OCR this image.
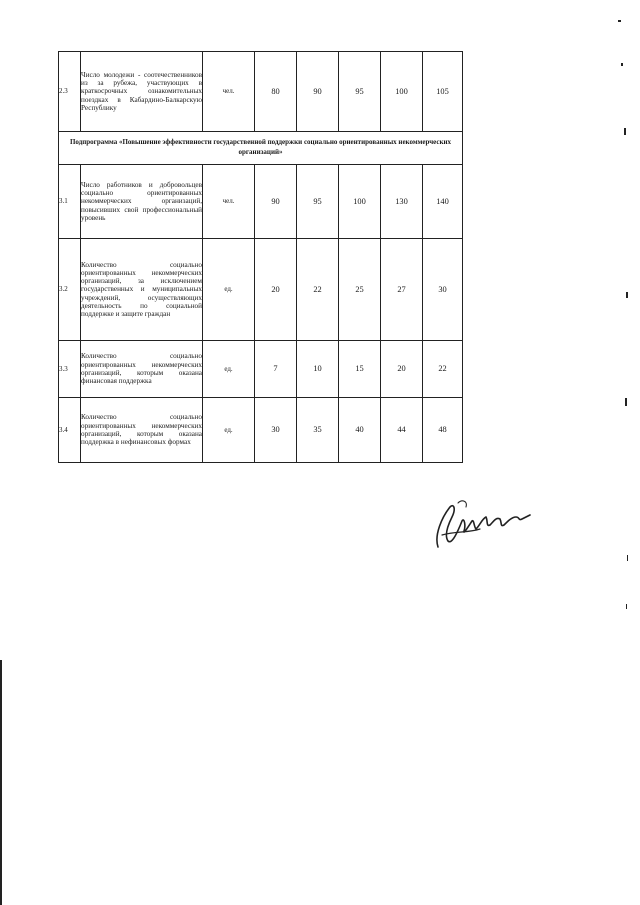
2.3	Число молодежи - соотечественников из за рубежа, участвующих в краткосрочных ознакомительных поездках в Кабардино-Балкарскую Республику	чел.	80	90	95	100	105
Подпрограмма «Повышение эффективности государственной поддержки социально ориентированных некоммерческих организаций»							
3.1	Число работников и добровольцев социально ориентированных некоммерческих организаций, повысивших свой профессиональный уровень	чел.	90	95	100	130	140
3.2	Количество социально ориентированных некоммерческих организаций, за исключением государственных и муниципальных учреждений, осуществляющих деятельность по социальной поддержке и защите граждан	ед.	20	22	25	27	30
3.3	Количество социально ориентированных некоммерческих организаций, которым оказана финансовая поддержка	ед.	7	10	15	20	22
3.4	Количество социально ориентированных некоммерческих организаций, которым оказана поддержка в нефинансовых формах	ед.	30	35	40	44	48
